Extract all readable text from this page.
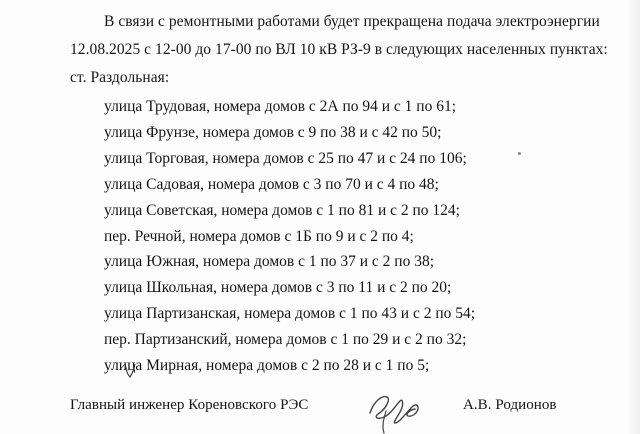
В связи с ремонтными работами будет прекращена подача электроэнергии
12.08.2025 с 12-00 до 17-00 по ВЛ 10 кВ РЗ-9 в следующих населенных пунктах:
ст. Раздольная:
улица Трудовая, номера домов с 2А по 94 и с 1 по 61;
улица Фрунзе, номера домов с 9 по 38 и с 42 по 50;
улица Торговая, номера домов с 25 по 47 и с 24 по 106;
улица Садовая, номера домов с 3 по 70 и с 4 по 48;
улица Советская, номера домов с 1 по 81 и с 2 по 124;
пер. Речной, номера домов с 1Б по 9 и с 2 по 4;
улица Южная, номера домов с 1 по 37 и с 2 по 38;
улица Школьная, номера домов с 3 по 11 и с 2 по 20;
улица Партизанская, номера домов с 1 по 43 и с 2 по 54;
пер. Партизанский, номера домов с 1 по 29 и с 2 по 32;
улица Мирная, номера домов с 2 по 28 и с 1 по 5;
Главный инженер Кореновского РЭС	А.В. Родионов
